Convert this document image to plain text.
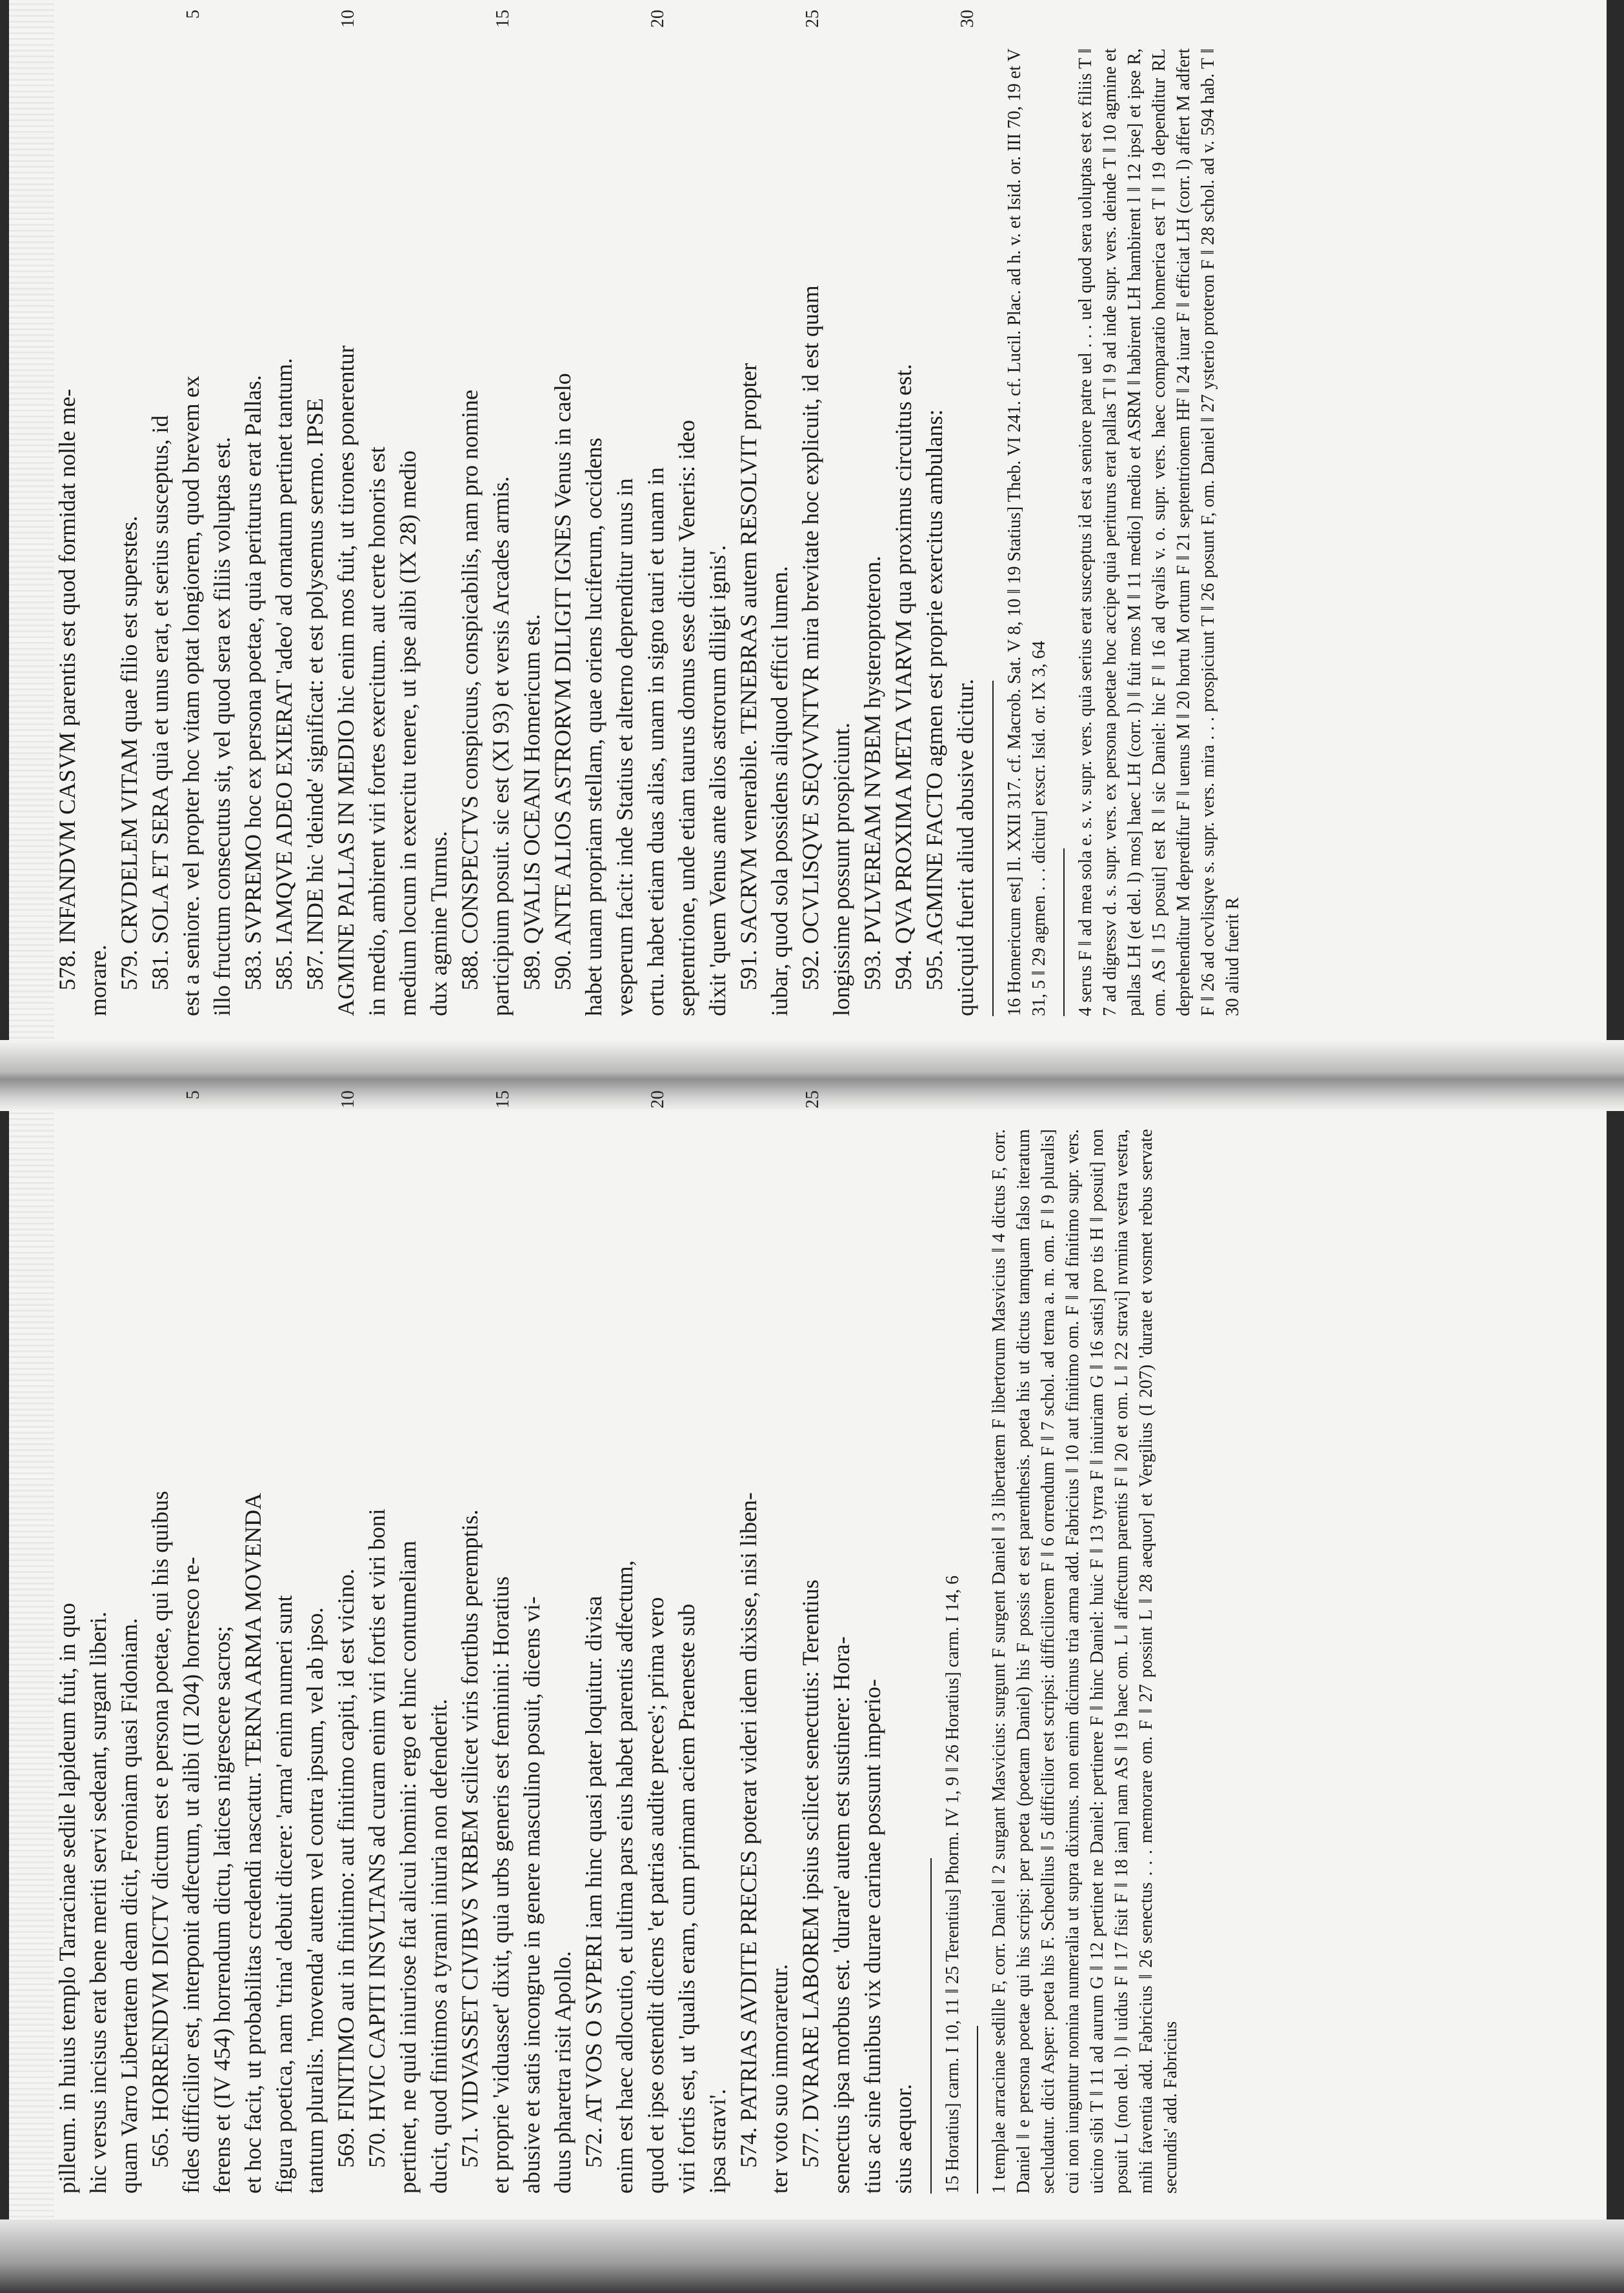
578. INFANDVM CASVM parentis est quod formidat nolle me- morare. 579. CRVDELEM VITAM quae filio est superstes. 581. SOLA ET SERA quia et unus erat, et serius susceptus, id est a seniore. vel propter hoc vitam optat longiorem, quod brevem ex
5
illo fructum consecutus sit, vel quod sera ex filiis voluptas est. 583. SVPREMO hoc ex persona poetae, quia periturus erat Pallas. 585. IAMQVE ADEO EXIERAT 'adeo' ad ornatum pertinet tantum. 587. INDE hic 'deinde' significat: et est polysemus sermo. IPSE AGMINE PALLAS IN MEDIO hic enim mos fuit, ut tirones ponerentur
10
in medio, ambirent viri fortes exercitum. aut certe honoris est medium locum in exercitu tenere, ut ipse alibi (IX 28) medio dux agmine Turnus. 588. CONSPECTVS conspicuus, conspicabilis, nam pro nomine participium posuit. sic est (XI 93) et versis Arcades armis.
15
589. QVALIS OCEANI Homericum est. 590. ANTE ALIOS ASTRORVM DILIGIT IGNES Venus in caelo habet unam propriam stellam, quae oriens luciferum, occidens vesperum facit: inde Statius et alterno deprenditur unus in ortu. habet etiam duas alias, unam in signo tauri et unam in
20
septentrione, unde etiam taurus domus esse dicitur Veneris: ideo dixit 'quem Venus ante alios astrorum diligit ignis'. 591. SACRVM venerabile. TENEBRAS autem RESOLVIT propter iubar, quod sola possidens aliquod efficit lumen. 592. OCVLISQVE SEQVVNTVR mira brevitate hoc explicuit, id est quam
25
longissime possunt prospiciunt. 593. PVLVEREAM NVBEM hysteroproteron. 594. QVA PROXIMA META VIARVM qua proximus circuitus est. 595. AGMINE FACTO agmen est proprie exercitus ambulans: quicquid fuerit aliud abusive dicitur.
30
16 Homericum est] Il. XXII 317. cf. Macrob. Sat. V 8, 10 ‖ 19 Statius] Theb. VI 241. cf. Lucil. Plac. ad h. v. et Isid. or. III 70, 19 et V 31, 5 ‖ 29 agmen . . . dicitur] exscr. Isid. or. IX 3, 64 4 serus F ‖ ad mea sola e. s. v. supr. vers. quia serius erat susceptus id est a seniore patre uel . . . uel quod sera uoluptas est ex filiis T ‖ 7 ad digressv d. s. supr. vers. ex persona poetae hoc accipe quia periturus erat pallas T ‖ 9 ad inde supr. vers. deinde T ‖ 10 agmine et pallas LH (et del. l) mos] haec LH (corr. l) ‖ fuit mos M ‖ 11 medio] medio et ASRM ‖ habirent LH hambirent l ‖ 12 ipse] et ipse R, om. AS ‖ 15 posuit] est R ‖ sic Daniel: hic F ‖ 16 ad qvalis v. o. supr. vers. haec comparatio homerica est T ‖ 19 dependitur RL deprehenditur M depredifur F ‖ uenus M ‖ 20 hortu M ortum F ‖ 21 septentrionem HF ‖ 24 iurar F ‖ efficiat LH (corr. l) affert M adfert F ‖ 26 ad ocvlisqve s. supr. vers. mira . . . prospiciunt T ‖ 26 posunt F, om. Daniel ‖ 27 ysterio proteron F ‖ 28 schol. ad v. 594 hab. T ‖ 30 aliud fuerit R
pilleum. in huius templo Tarracinae sedile lapideum fuit, in quo hic versus incisus erat bene meriti servi sedeant, surgant liberi. quam Varro Libertatem deam dicit, Feroniam quasi Fidoniam. 565. HORRENDVM DICTV dictum est e persona poetae, qui his quibus fides difficilior est, interponit adfectum, ut alibi (II 204) horresco re-
5
ferens et (IV 454) horrendum dictu, latices nigrescere sacros; et hoc facit, ut probabilitas credendi nascatur. TERNA ARMA MOVENDA figura poetica, nam 'trina' debuit dicere: 'arma' enim numeri sunt tantum pluralis. 'movenda' autem vel contra ipsum, vel ab ipso. 569. FINITIMO aut in finitimo: aut finitimo capiti, id est vicino.
10
570. HVIC CAPITI INSVLTANS ad curam enim viri fortis et viri boni pertinet, ne quid iniuriose fiat alicui homini: ergo et hinc contumeliam ducit, quod finitimos a tyranni iniuria non defenderit. 571. VIDVASSET CIVIBVS VRBEM scilicet viris fortibus peremptis. et proprie 'viduasset' dixit, quia urbs generis est feminini: Horatius
15
abusive et satis incongrue in genere masculino posuit, dicens vi- duus pharetra risit Apollo. 572. AT VOS O SVPERI iam hinc quasi pater loquitur. divisa enim est haec adlocutio, et ultima pars eius habet parentis adfectum, quod et ipse ostendit dicens 'et patrias audite preces'; prima vero
20
viri fortis est, ut 'qualis eram, cum primam aciem Praeneste sub ipsa stravi'. 574. PATRIAS AVDITE PRECES poterat videri idem dixisse, nisi liben- ter voto suo inmoraretur. 577. DVRARE LABOREM ipsius scilicet senectutis: Terentius
25
senectus ipsa morbus est. 'durare' autem est sustinere: Hora- tius ac sine funibus vix durare carinae possunt imperio- sius aequor. 15 Horatius] carm. I 10, 11 ‖ 25 Terentius] Phorm. IV 1, 9 ‖ 26 Horatius] carm. I 14, 6 1 templae arracinae sedille F, corr. Daniel ‖ 2 surgant Masvicius: surgunt F surgent Daniel ‖ 3 libertatem F libertorum Masvicius ‖ 4 dictus F, corr. Daniel ‖ e persona poetae qui his scripsi: per poeta (poetam Daniel) his F possis et est parenthesis. poeta his ut dictus tamquam falso iteratum secludatur. dicit Asper: poeta his F. Schoellius ‖ 5 difficilior est scripsi: difficiliorem F ‖ 6 orrendum F ‖ 7 schol. ad terna a. m. om. F ‖ 9 pluralis] cui non iunguntur nomina numeralia ut supra diximus. non enim dicimus tria arma add. Fabricius ‖ 10 aut finitimo om. F ‖ ad finitimo supr. vers. uicino sibi T ‖ 11 ad aurum G ‖ 12 pertinet ne Daniel: pertinere F ‖ hinc Daniel: huic F ‖ 13 tyrra F ‖ iniuriam G ‖ 16 satis] pro tis H ‖ posuit] non posuit L (non del. l) ‖ uidus F ‖ 17 fisit F ‖ 18 iam] nam AS ‖ 19 haec om. L ‖ affectum parentis F ‖ 20 et om. L ‖ 22 stravi] nvmina vestra vestra, mihi faventia add. Fabricius ‖ 26 senectus . . . memorare om. F ‖ 27 possint L ‖ 28 aequor] et Vergilius (I 207) 'durate et vosmet rebus servate secundis' add. Fabricius
